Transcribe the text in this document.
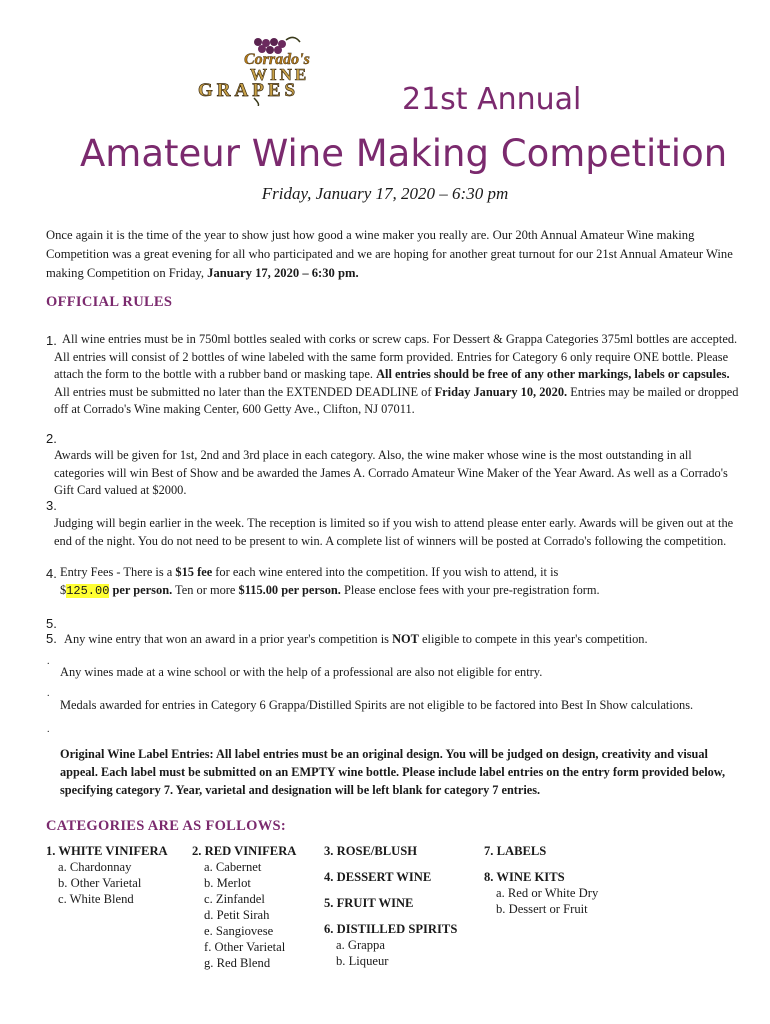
Corrado's
WINE
GRAPES	21st Annual
Amateur Wine Making Competition
Friday, January 17, 2020 – 6:30 pm
Once again it is the time of the year to show just how good a wine maker you really are. Our 20th Annual Amateur Wine making Competition was a great evening for all who participated and we are hoping for another great turnout for our 21st Annual Amateur Wine making Competition on Friday, January 17, 2020 – 6:30 pm.
OFFICIAL RULES
1. All wine entries must be in 750ml bottles sealed with corks or screw caps. For Dessert & Grappa Categories 375ml bottles are accepted. All entries will consist of 2 bottles of wine labeled with the same form provided. Entries for Category 6 only require ONE bottle. Please attach the form to the bottle with a rubber band or masking tape. All entries should be free of any other markings, labels or capsules. All entries must be submitted no later than the EXTENDED DEADLINE of Friday January 10, 2020. Entries may be mailed or dropped off at Corrado's Wine making Center, 600 Getty Ave., Clifton, NJ 07011.
2.
Awards will be given for 1st, 2nd and 3rd place in each category. Also, the wine maker whose wine is the most outstanding in all categories will win Best of Show and be awarded the James A. Corrado Amateur Wine Maker of the Year Award. As well as a Corrado's Gift Card valued at $2000.
3.
Judging will begin earlier in the week. The reception is limited so if you wish to attend please enter early. Awards will be given out at the end of the night. You do not need to be present to win. A complete list of winners will be posted at Corrado's following the competition.
4. Entry Fees - There is a $15 fee for each wine entered into the competition. If you wish to attend, it is
$125.00 per person. Ten or more $115.00 per person. Please enclose fees with your pre-registration form.
5.
5. Any wine entry that won an award in a prior year's competition is NOT eligible to compete in this year's competition.
.
Any wines made at a wine school or with the help of a professional are also not eligible for entry.
.
Medals awarded for entries in Category 6 Grappa/Distilled Spirits are not eligible to be factored into Best In Show calculations.
.
Original Wine Label Entries: All label entries must be an original design. You will be judged on design, creativity and visual appeal. Each label must be submitted on an EMPTY wine bottle. Please include label entries on the entry form provided below, specifying category 7. Year, varietal and designation will be left blank for category 7 entries.
CATEGORIES ARE AS FOLLOWS:
1. WHITE VINIFERA
a. Chardonnay
b. Other Varietal
c. White Blend
2. RED VINIFERA
a. Cabernet
b. Merlot
c. Zinfandel
d. Petit Sirah
e. Sangiovese
f. Other Varietal
g. Red Blend
3. ROSE/BLUSH
4. DESSERT WINE
5. FRUIT WINE
6. DISTILLED SPIRITS
a. Grappa
b. Liqueur
7. LABELS
8. WINE KITS
a. Red or White Dry
b. Dessert or Fruit
